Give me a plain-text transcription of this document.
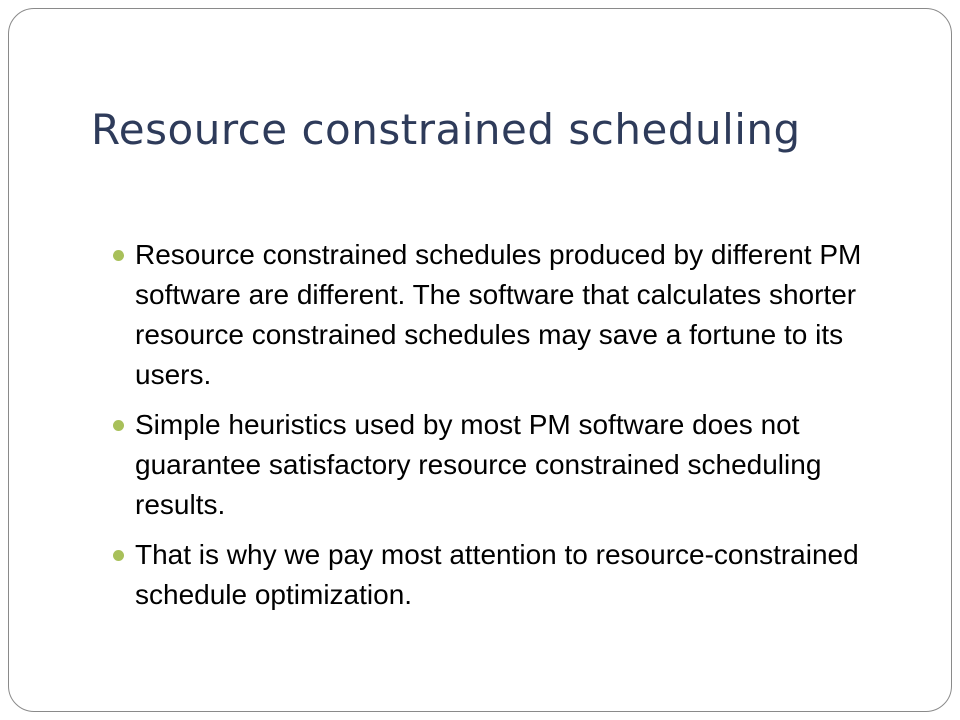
Resource constrained scheduling
Resource constrained schedules produced by different PM software are different. The software that calculates shorter resource constrained schedules may save a fortune to its users.
Simple heuristics used by most PM software does not guarantee satisfactory resource constrained scheduling results.
That is why we pay most attention to resource-constrained schedule optimization.
